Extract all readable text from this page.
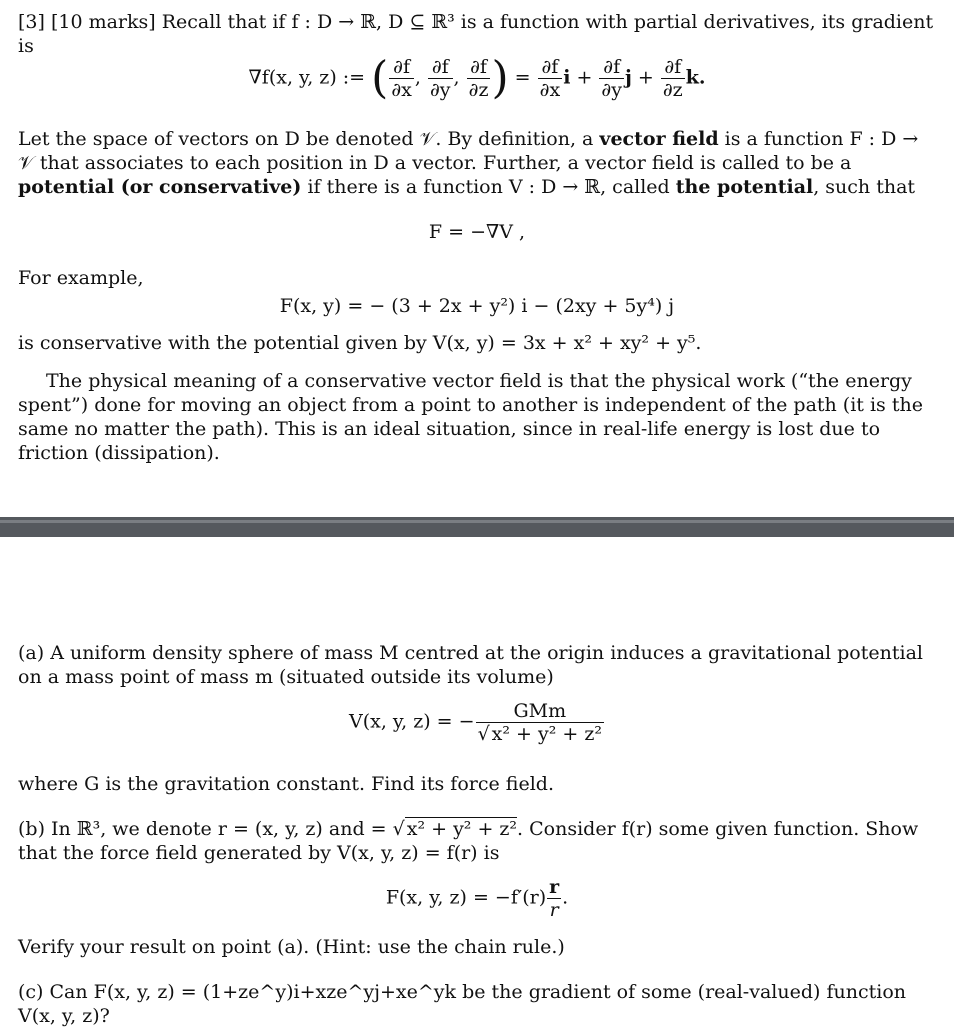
[3] [10 marks] Recall that if f : D → ℝ, D ⊆ ℝ³ is a function with partial derivatives, its gradient is
∇f(x, y, z) := ( $\frac{\partial f}{\partial x}$ , $\frac{\partial f}{\partial y}$ , $\frac{\partial f}{\partial z}$ ) = $\frac{\partial f}{\partial x}$ $i + \frac{\partial f}{\partial y}$ $j + \frac{\partial f}{\partial z} k$.
Let the space of vectors on D be denoted 𝒱. By definition, a vector field is a function F : D → 𝒱 that associates to each position in D a vector. Further, a vector field is called to be a potential (or conservative) if there is a function V : D → ℝ, called the potential, such that
F = −∇V ,
For example,
F(x, y) = − (3 + 2x + y²) i − (2xy + 5y⁴) j
is conservative with the potential given by V(x, y) = 3x + x² + xy² + y⁵.
The physical meaning of a conservative vector field is that the physical work (“the energy spent”) done for moving an object from a point to another is independent of the path (it is the same no matter the path). This is an ideal situation, since in real-life energy is lost due to friction (dissipation).
(a) A uniform density sphere of mass M centred at the origin induces a gravitational potential on a mass point of mass m (situated outside its volume)
V(x, y, z) = − $\frac{\text{GMm}}{\text{√ x² + y² + z²}}$
where G is the gravitation constant. Find its force field.
(b) In ℝ³, we denote r = (x, y, z) and = √ x² + y² + z². Consider f(r) some given function. Show that the force field generated by V(x, y, z) = f(r) is
F(x, y, $z) = -f'(r) \frac{r}{r}$ .
Verify your result on point (a). (Hint: use the chain rule.)
(c) Can F(x, y, z) = (1+ze^y)i+xze^yj+xe^yk be the gradient of some (real-valued) function V(x, y, z)?
